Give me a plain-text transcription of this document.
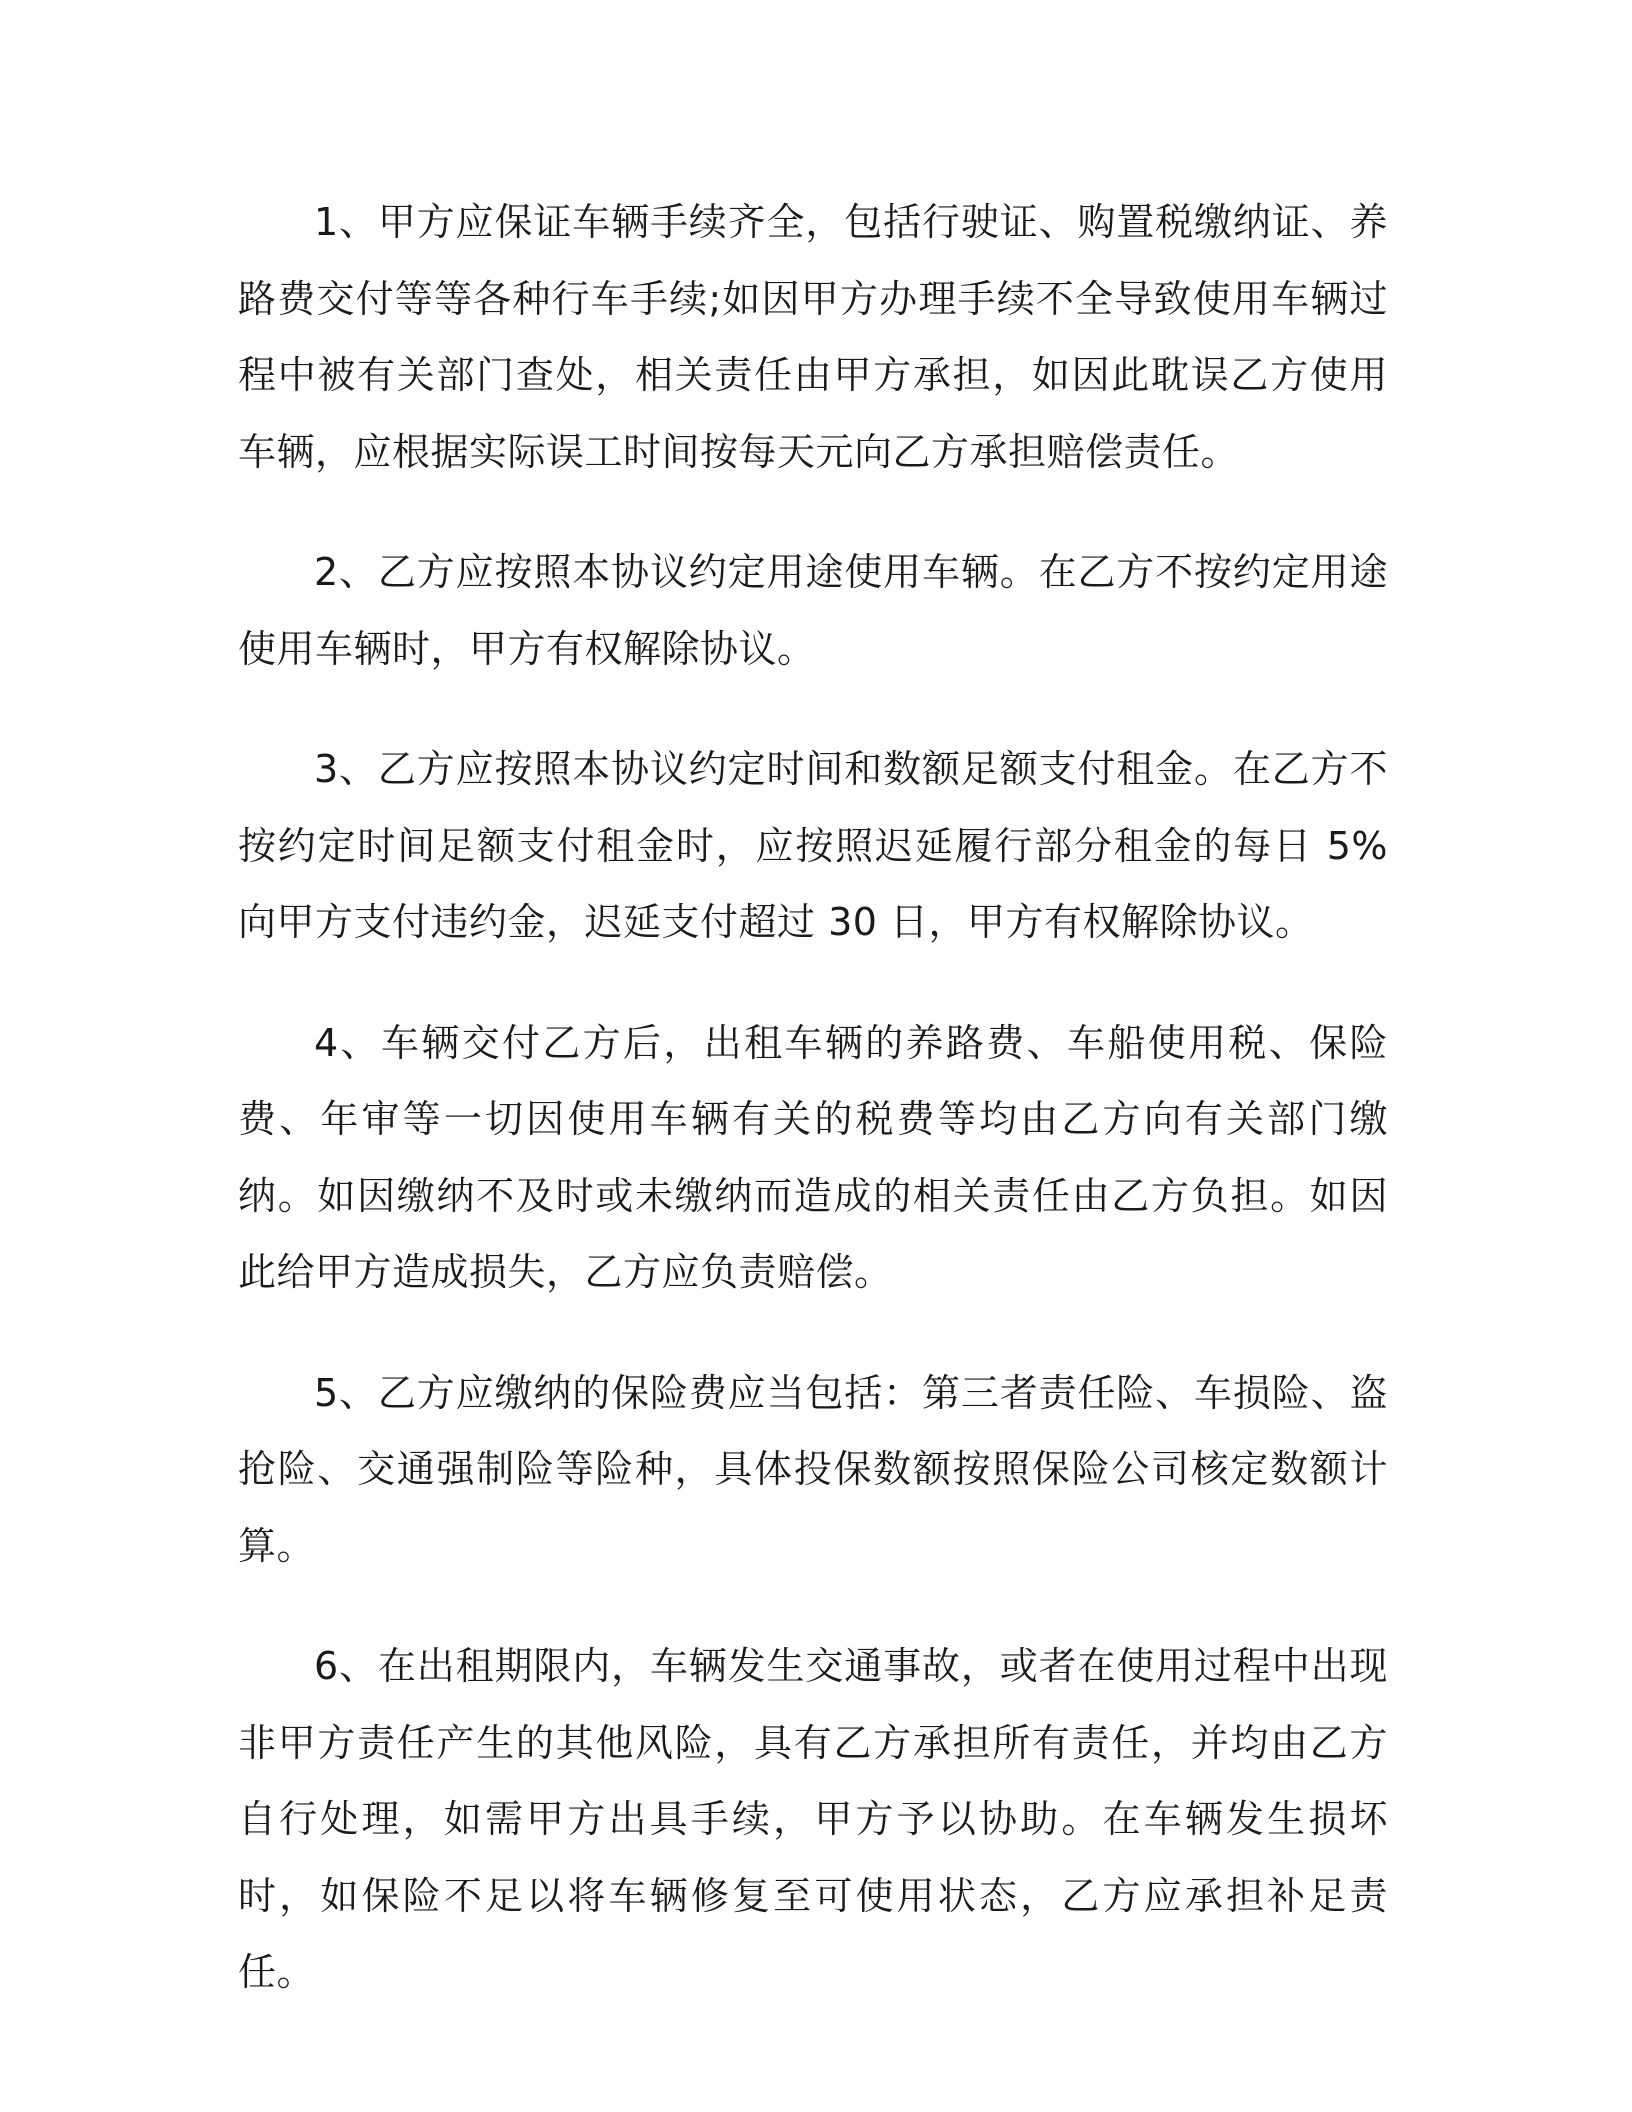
1、甲方应保证车辆手续齐全，包括行驶证、购置税缴纳证、养路费交付等等各种行车手续;如因甲方办理手续不全导致使用车辆过程中被有关部门查处，相关责任由甲方承担，如因此耽误乙方使用车辆，应根据实际误工时间按每天元向乙方承担赔偿责任。

2、乙方应按照本协议约定用途使用车辆。在乙方不按约定用途使用车辆时，甲方有权解除协议。

3、乙方应按照本协议约定时间和数额足额支付租金。在乙方不按约定时间足额支付租金时，应按照迟延履行部分租金的每日 5%向甲方支付违约金，迟延支付超过 30 日，甲方有权解除协议。

4、车辆交付乙方后，出租车辆的养路费、车船使用税、保险费、年审等一切因使用车辆有关的税费等均由乙方向有关部门缴纳。如因缴纳不及时或未缴纳而造成的相关责任由乙方负担。如因此给甲方造成损失，乙方应负责赔偿。

5、乙方应缴纳的保险费应当包括：第三者责任险、车损险、盗抢险、交通强制险等险种，具体投保数额按照保险公司核定数额计算。

6、在出租期限内，车辆发生交通事故，或者在使用过程中出现非甲方责任产生的其他风险，具有乙方承担所有责任，并均由乙方自行处理，如需甲方出具手续，甲方予以协助。在车辆发生损坏时，如保险不足以将车辆修复至可使用状态，乙方应承担补足责任。
